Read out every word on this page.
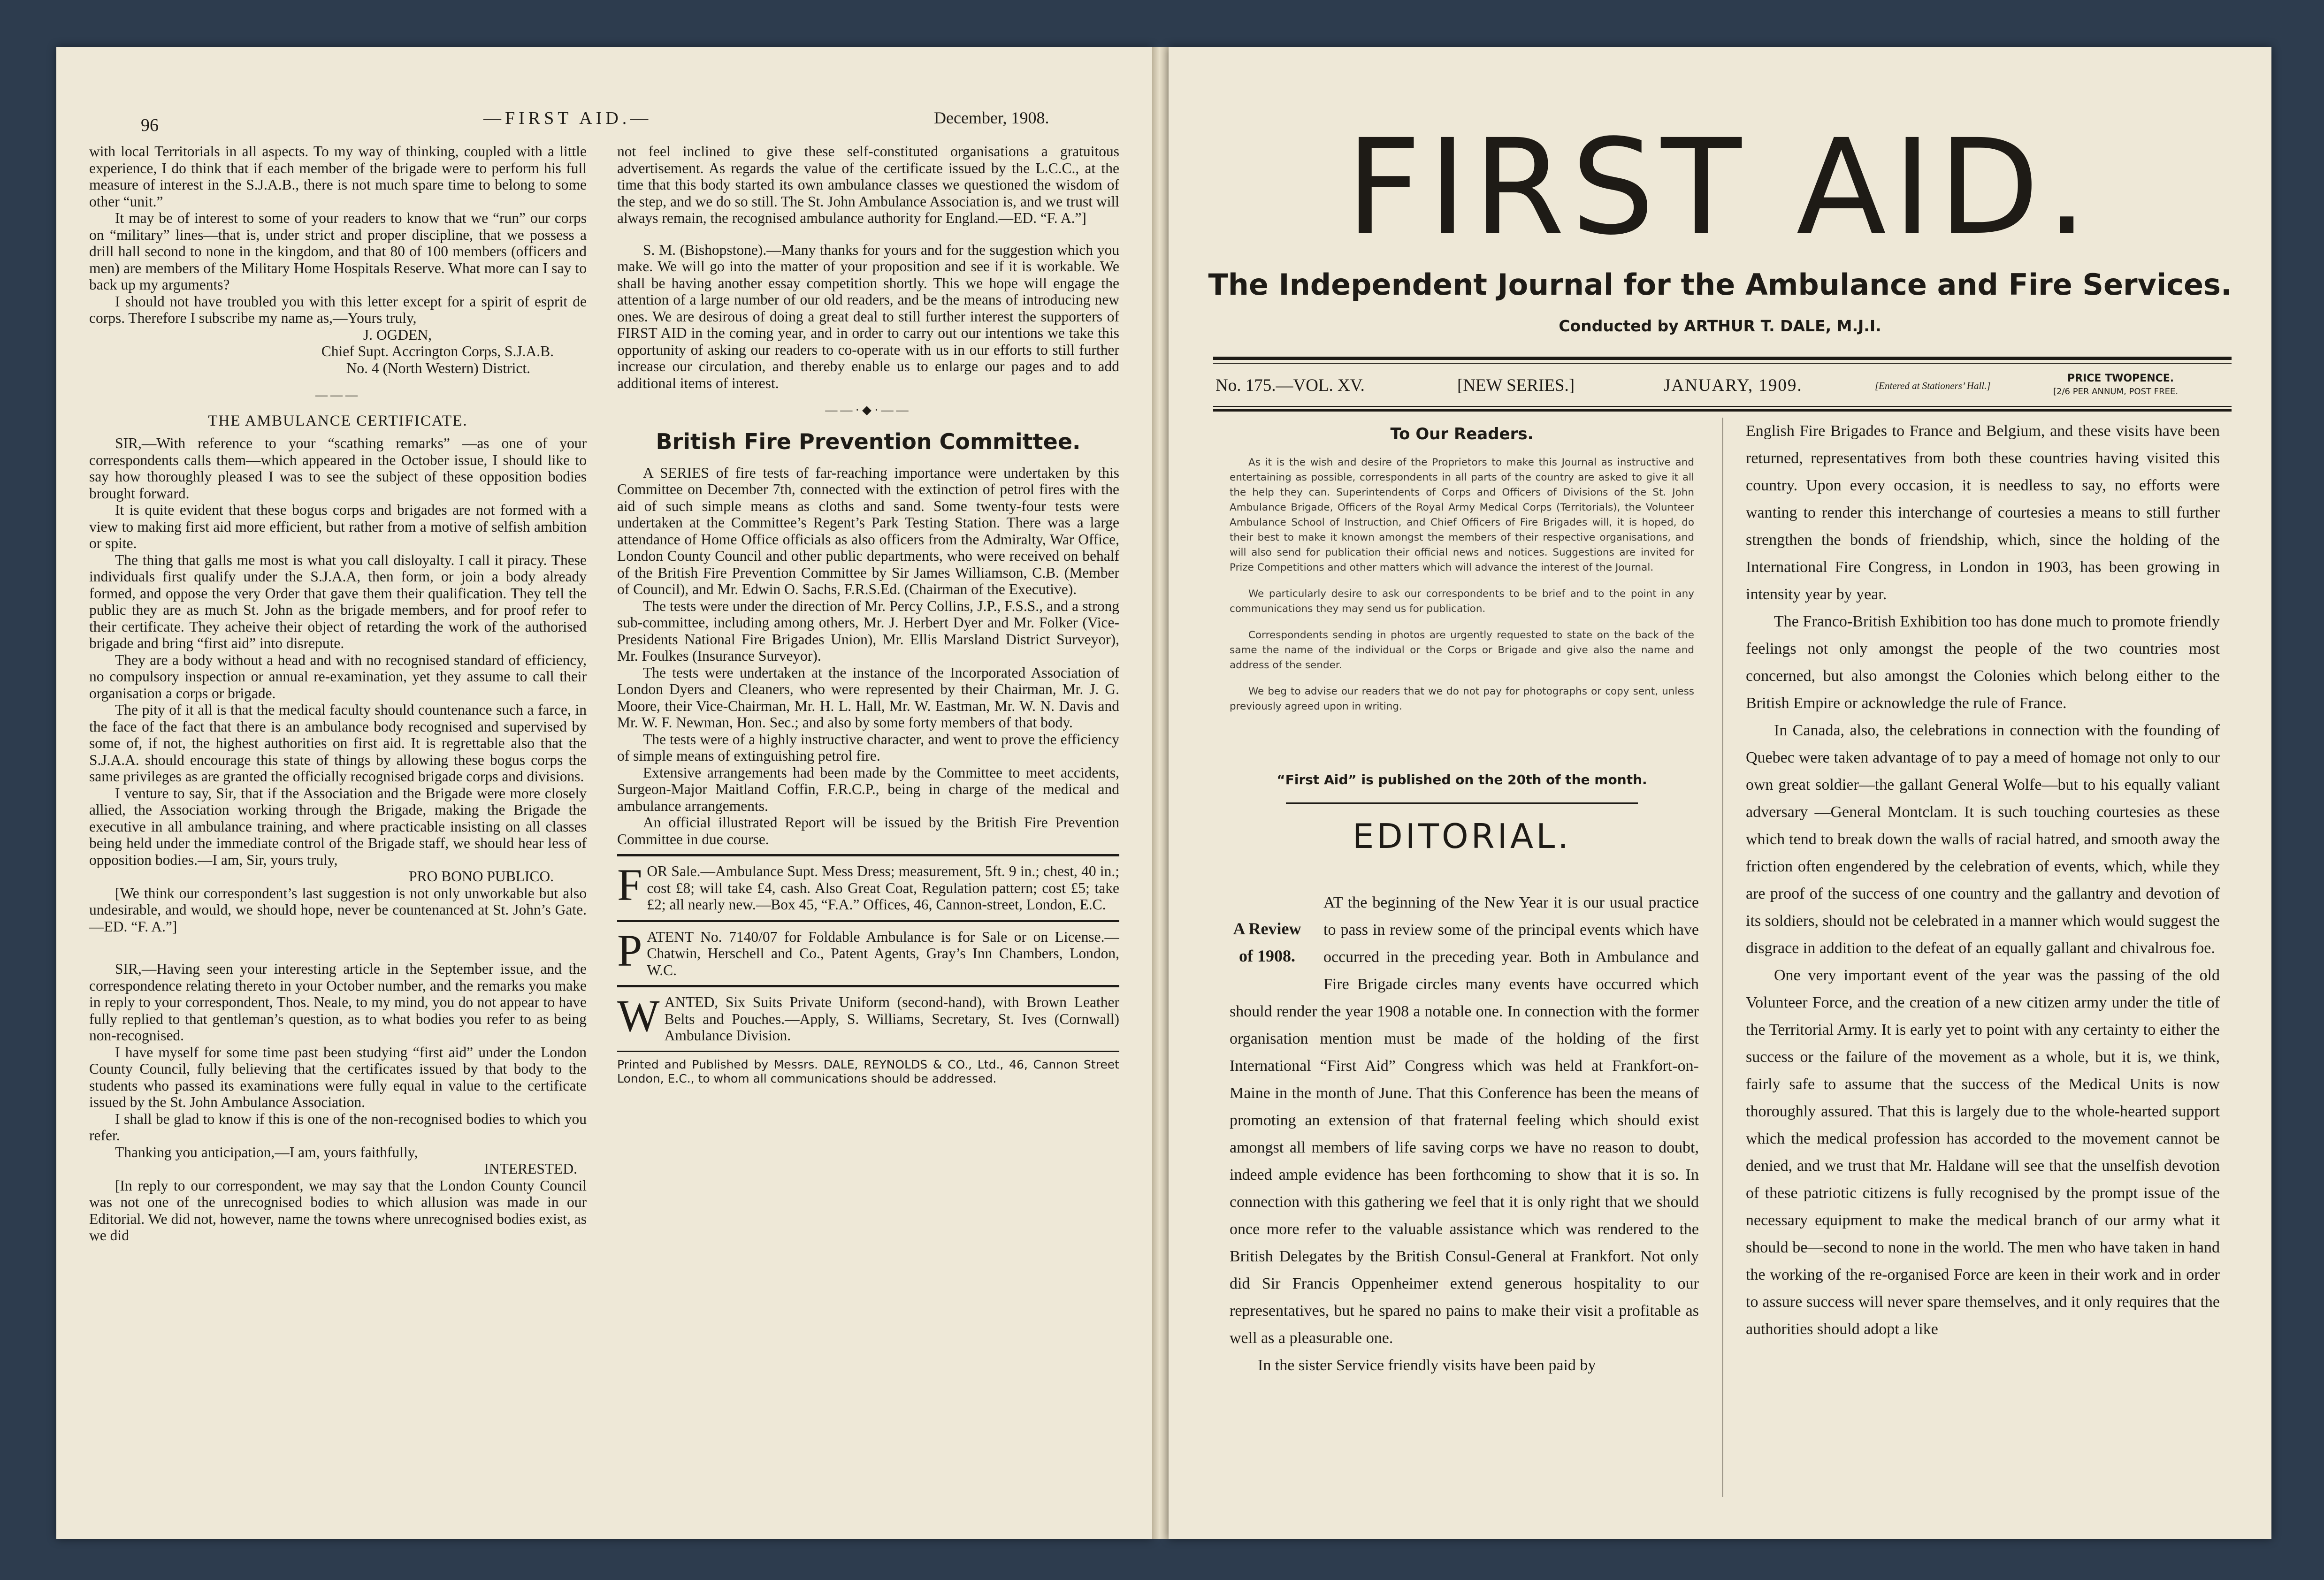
96	—FIRST AID.—	December, 1908.

with local Territorials in all aspects. To my way of thinking, coupled with a little experience, I do think that if each member of the brigade were to perform his full measure of interest in the S.J.A.B., there is not much spare time to belong to some other “unit.”

It may be of interest to some of your readers to know that we “run” our corps on “military” lines—that is, under strict and proper discipline, that we possess a drill hall second to none in the kingdom, and that 80 of 100 members (officers and men) are members of the Military Home Hospitals Reserve. What more can I say to back up my arguments?

I should not have troubled you with this letter except for a spirit of esprit de corps. Therefore I subscribe my name as,—Yours truly,

J. OGDEN,

Chief Supt. Accrington Corps, S.J.A.B.

No. 4 (North Western) District.

———
THE AMBULANCE CERTIFICATE.

SIR,—With reference to your “scathing remarks” —as one of your correspondents calls them—which appeared in the October issue, I should like to say how thoroughly pleased I was to see the subject of these opposition bodies brought forward.

It is quite evident that these bogus corps and brigades are not formed with a view to making first aid more efficient, but rather from a motive of selfish ambition or spite.

The thing that galls me most is what you call disloyalty. I call it piracy. These individuals first qualify under the S.J.A.A, then form, or join a body already formed, and oppose the very Order that gave them their qualification. They tell the public they are as much St. John as the brigade members, and for proof refer to their certificate. They acheive their object of retarding the work of the authorised brigade and bring “first aid” into disrepute.

They are a body without a head and with no recognised standard of efficiency, no compulsory inspection or annual re-examination, yet they assume to call their organisation a corps or brigade.

The pity of it all is that the medical faculty should countenance such a farce, in the face of the fact that there is an ambulance body recognised and supervised by some of, if not, the highest authorities on first aid. It is regrettable also that the S.J.A.A. should encourage this state of things by allowing these bogus corps the same privileges as are granted the officially recognised brigade corps and divisions.

I venture to say, Sir, that if the Association and the Brigade were more closely allied, the Association working through the Brigade, making the Brigade the executive in all ambulance training, and where practicable insisting on all classes being held under the immediate control of the Brigade staff, we should hear less of opposition bodies.—I am, Sir, yours truly,

PRO BONO PUBLICO.

[We think our correspondent’s last suggestion is not only unworkable but also undesirable, and would, we should hope, never be countenanced at St. John’s Gate.—ED. “F. A.”]

SIR,—Having seen your interesting article in the September issue, and the correspondence relating thereto in your October number, and the remarks you make in reply to your correspondent, Thos. Neale, to my mind, you do not appear to have fully replied to that gentleman’s question, as to what bodies you refer to as being non-recognised.

I have myself for some time past been studying “first aid” under the London County Council, fully believing that the certificates issued by that body to the students who passed its examinations were fully equal in value to the certificate issued by the St. John Ambulance Association.

I shall be glad to know if this is one of the non-recognised bodies to which you refer.

Thanking you anticipation,—I am, yours faithfully,

INTERESTED.

[In reply to our correspondent, we may say that the London County Council was not one of the unrecognised bodies to which allusion was made in our Editorial. We did not, however, name the towns where unrecognised bodies exist, as we did

not feel inclined to give these self-constituted organisations a gratuitous advertisement. As regards the value of the certificate issued by the L.C.C., at the time that this body started its own ambulance classes we questioned the wisdom of the step, and we do so still. The St. John Ambulance Association is, and we trust will always remain, the recognised ambulance authority for England.—ED. “F. A.”]

S. M. (Bishopstone).—Many thanks for yours and for the suggestion which you make. We will go into the matter of your proposition and see if it is workable. We shall be having another essay competition shortly. This we hope will engage the attention of a large number of our old readers, and be the means of introducing new ones. We are desirous of doing a great deal to still further interest the supporters of FIRST AID in the coming year, and in order to carry out our intentions we take this opportunity of asking our readers to co-operate with us in our efforts to still further increase our circulation, and thereby enable us to enlarge our pages and to add additional items of interest.

——·◆·——
British Fire Prevention Committee.

A SERIES of fire tests of far-reaching importance were undertaken by this Committee on December 7th, connected with the extinction of petrol fires with the aid of such simple means as cloths and sand. Some twenty-four tests were undertaken at the Committee’s Regent’s Park Testing Station. There was a large attendance of Home Office officials as also officers from the Admiralty, War Office, London County Council and other public departments, who were received on behalf of the British Fire Prevention Committee by Sir James Williamson, C.B. (Member of Council), and Mr. Edwin O. Sachs, F.R.S.Ed. (Chairman of the Executive).

The tests were under the direction of Mr. Percy Collins, J.P., F.S.S., and a strong sub-committee, including among others, Mr. J. Herbert Dyer and Mr. Folker (Vice-Presidents National Fire Brigades Union), Mr. Ellis Marsland District Surveyor), Mr. Foulkes (Insurance Surveyor).

The tests were undertaken at the instance of the Incorporated Association of London Dyers and Cleaners, who were represented by their Chairman, Mr. J. G. Moore, their Vice-Chairman, Mr. H. L. Hall, Mr. W. Eastman, Mr. W. N. Davis and Mr. W. F. Newman, Hon. Sec.; and also by some forty members of that body.

The tests were of a highly instructive character, and went to prove the efficiency of simple means of extinguishing petrol fire.

Extensive arrangements had been made by the Committee to meet accidents, Surgeon-Major Maitland Coffin, F.R.C.P., being in charge of the medical and ambulance arrangements.

An official illustrated Report will be issued by the British Fire Prevention Committee in due course.

F OR Sale.—Ambulance Supt. Mess Dress; measurement, 5ft. 9 in.; chest, 40 in.; cost £8; will take £4, cash. Also Great Coat, Regulation pattern; cost £5; take £2; all nearly new.—Box 45, “F.A.” Offices, 46, Cannon-street, London, E.C.

P ATENT No. 7140/07 for Foldable Ambulance is for Sale or on License.—Chatwin, Herschell and Co., Patent Agents, Gray’s Inn Chambers, London, W.C.

W ANTED, Six Suits Private Uniform (second-hand), with Brown Leather Belts and Pouches.—Apply, S. Williams, Secretary, St. Ives (Cornwall) Ambulance Division.

Printed and Published by Messrs. DALE, REYNOLDS & CO., Ltd., 46, Cannon Street London, E.C., to whom all communications should be addressed.
FIRST AID.
The Independent Journal for the Ambulance and Fire Services.
Conducted by ARTHUR T. DALE, M.J.I.
No. 175.—VOL. XV.	[NEW SERIES.]	JANUARY, 1909.	[Entered at Stationers’ Hall.]
PRICE TWOPENCE.
[2/6 PER ANNUM, POST FREE.
To Our Readers.

As it is the wish and desire of the Proprietors to make this Journal as instructive and entertaining as possible, correspondents in all parts of the country are asked to give it all the help they can. Superintendents of Corps and Officers of Divisions of the St. John Ambulance Brigade, Officers of the Royal Army Medical Corps (Territorials), the Volunteer Ambulance School of Instruction, and Chief Officers of Fire Brigades will, it is hoped, do their best to make it known amongst the members of their respective organisations, and will also send for publication their official news and notices. Suggestions are invited for Prize Competitions and other matters which will advance the interest of the Journal.

We particularly desire to ask our correspondents to be brief and to the point in any communications they may send us for publication.

Correspondents sending in photos are urgently requested to state on the back of the same the name of the individual or the Corps or Brigade and give also the name and address of the sender.

We beg to advise our readers that we do not pay for photographs or copy sent, unless previously agreed upon in writing.

“First Aid” is published on the 20th of the month.
EDITORIAL.
A Review
of 1908.

AT the beginning of the New Year it is our usual practice to pass in review some of the principal events which have occurred in the preceding year. Both in Ambulance and Fire Brigade circles many events have occurred which should render the year 1908 a notable one. In connection with the former organisation mention must be made of the holding of the first International “First Aid” Congress which was held at Frankfort-on-Maine in the month of June. That this Conference has been the means of promoting an extension of that fraternal feeling which should exist amongst all members of life saving corps we have no reason to doubt, indeed ample evidence has been forthcoming to show that it is so. In connection with this gathering we feel that it is only right that we should once more refer to the valuable assistance which was rendered to the British Delegates by the British Consul-General at Frankfort. Not only did Sir Francis Oppenheimer extend generous hospitality to our representatives, but he spared no pains to make their visit a profitable as well as a pleasurable one.

In the sister Service friendly visits have been paid by

English Fire Brigades to France and Belgium, and these visits have been returned, representatives from both these countries having visited this country. Upon every occasion, it is needless to say, no efforts were wanting to render this interchange of courtesies a means to still further strengthen the bonds of friendship, which, since the holding of the International Fire Congress, in London in 1903, has been growing in intensity year by year.

The Franco-British Exhibition too has done much to promote friendly feelings not only amongst the people of the two countries most concerned, but also amongst the Colonies which belong either to the British Empire or acknowledge the rule of France.

In Canada, also, the celebrations in connection with the founding of Quebec were taken advantage of to pay a meed of homage not only to our own great soldier—the gallant General Wolfe—but to his equally valiant adversary —General Montclam. It is such touching courtesies as these which tend to break down the walls of racial hatred, and smooth away the friction often engendered by the celebration of events, which, while they are proof of the success of one country and the gallantry and devotion of its soldiers, should not be celebrated in a manner which would suggest the disgrace in addition to the defeat of an equally gallant and chivalrous foe.

One very important event of the year was the passing of the old Volunteer Force, and the creation of a new citizen army under the title of the Territorial Army. It is early yet to point with any certainty to either the success or the failure of the movement as a whole, but it is, we think, fairly safe to assume that the success of the Medical Units is now thoroughly assured. That this is largely due to the whole-hearted support which the medical profession has accorded to the movement cannot be denied, and we trust that Mr. Haldane will see that the unselfish devotion of these patriotic citizens is fully recognised by the prompt issue of the necessary equipment to make the medical branch of our army what it should be—second to none in the world. The men who have taken in hand the working of the re-organised Force are keen in their work and in order to assure success will never spare themselves, and it only requires that the authorities should adopt a like
